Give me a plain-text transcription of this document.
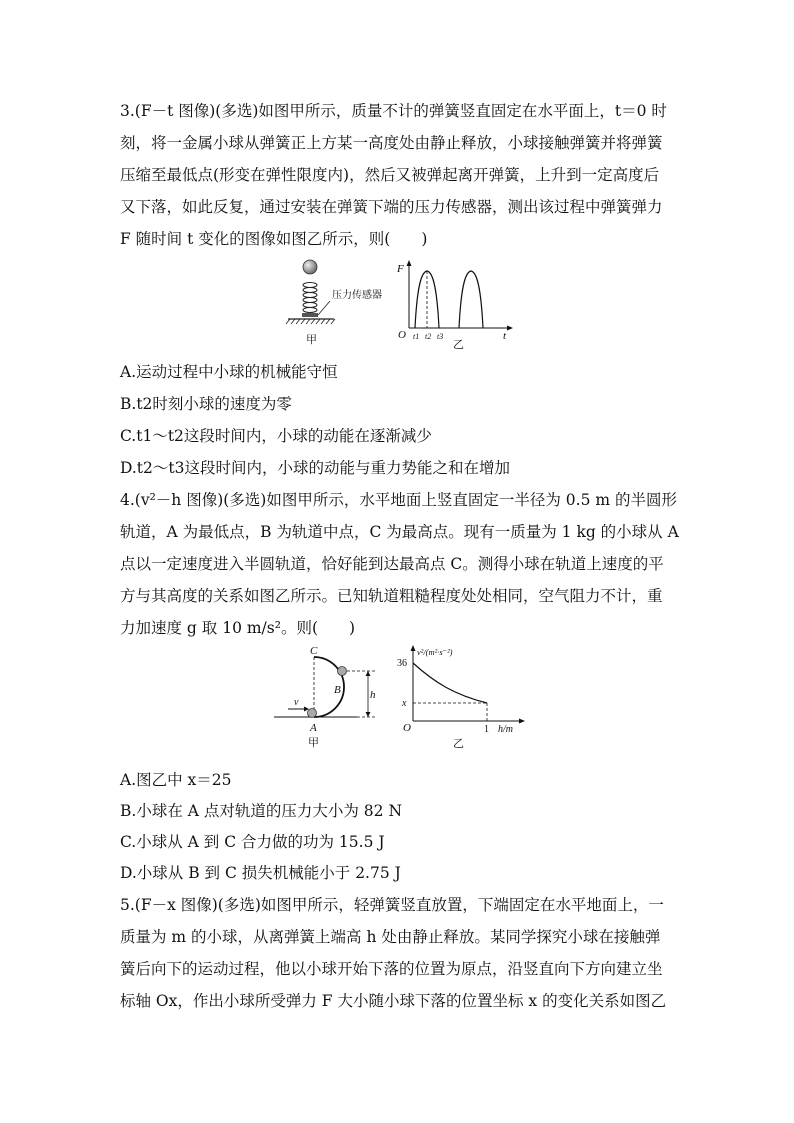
3.(F－t 图像)(多选)如图甲所示，质量不计的弹簧竖直固定在水平面上，t＝0 时
刻，将一金属小球从弹簧正上方某一高度处由静止释放，小球接触弹簧并将弹簧
压缩至最低点(形变在弹性限度内)，然后又被弹起离开弹簧，上升到一定高度后
又下落，如此反复，通过安装在弹簧下端的压力传感器，测出该过程中弹簧弹力
F 随时间 t 变化的图像如图乙所示，则(　　)
压力传感器
甲
F
t
O t1 t2 t3
乙
A.运动过程中小球的机械能守恒
B.t2时刻小球的速度为零
C.t1～t2这段时间内，小球的动能在逐渐减少
D.t2～t3这段时间内，小球的动能与重力势能之和在增加
4.(v²－h 图像)(多选)如图甲所示，水平地面上竖直固定一半径为 0.5 m 的半圆形
轨道，A 为最低点，B 为轨道中点，C 为最高点。现有一质量为 1 kg 的小球从 A
点以一定速度进入半圆轨道，恰好能到达最高点 C。测得小球在轨道上速度的平
方与其高度的关系如图乙所示。已知轨道粗糙程度处处相同，空气阻力不计，重
力加速度 g 取 10 m/s²。则(　　)
C
B
A
v
h
甲
v²/(m²·s⁻²)
36
x
O	1 h/m
乙
A.图乙中 x＝25
B.小球在 A 点对轨道的压力大小为 82 N
C.小球从 A 到 C 合力做的功为 15.5 J
D.小球从 B 到 C 损失机械能小于 2.75 J
5.(F－x 图像)(多选)如图甲所示，轻弹簧竖直放置，下端固定在水平地面上，一
质量为 m 的小球，从离弹簧上端高 h 处由静止释放。某同学探究小球在接触弹
簧后向下的运动过程，他以小球开始下落的位置为原点，沿竖直向下方向建立坐
标轴 Ox，作出小球所受弹力 F 大小随小球下落的位置坐标 x 的变化关系如图乙
